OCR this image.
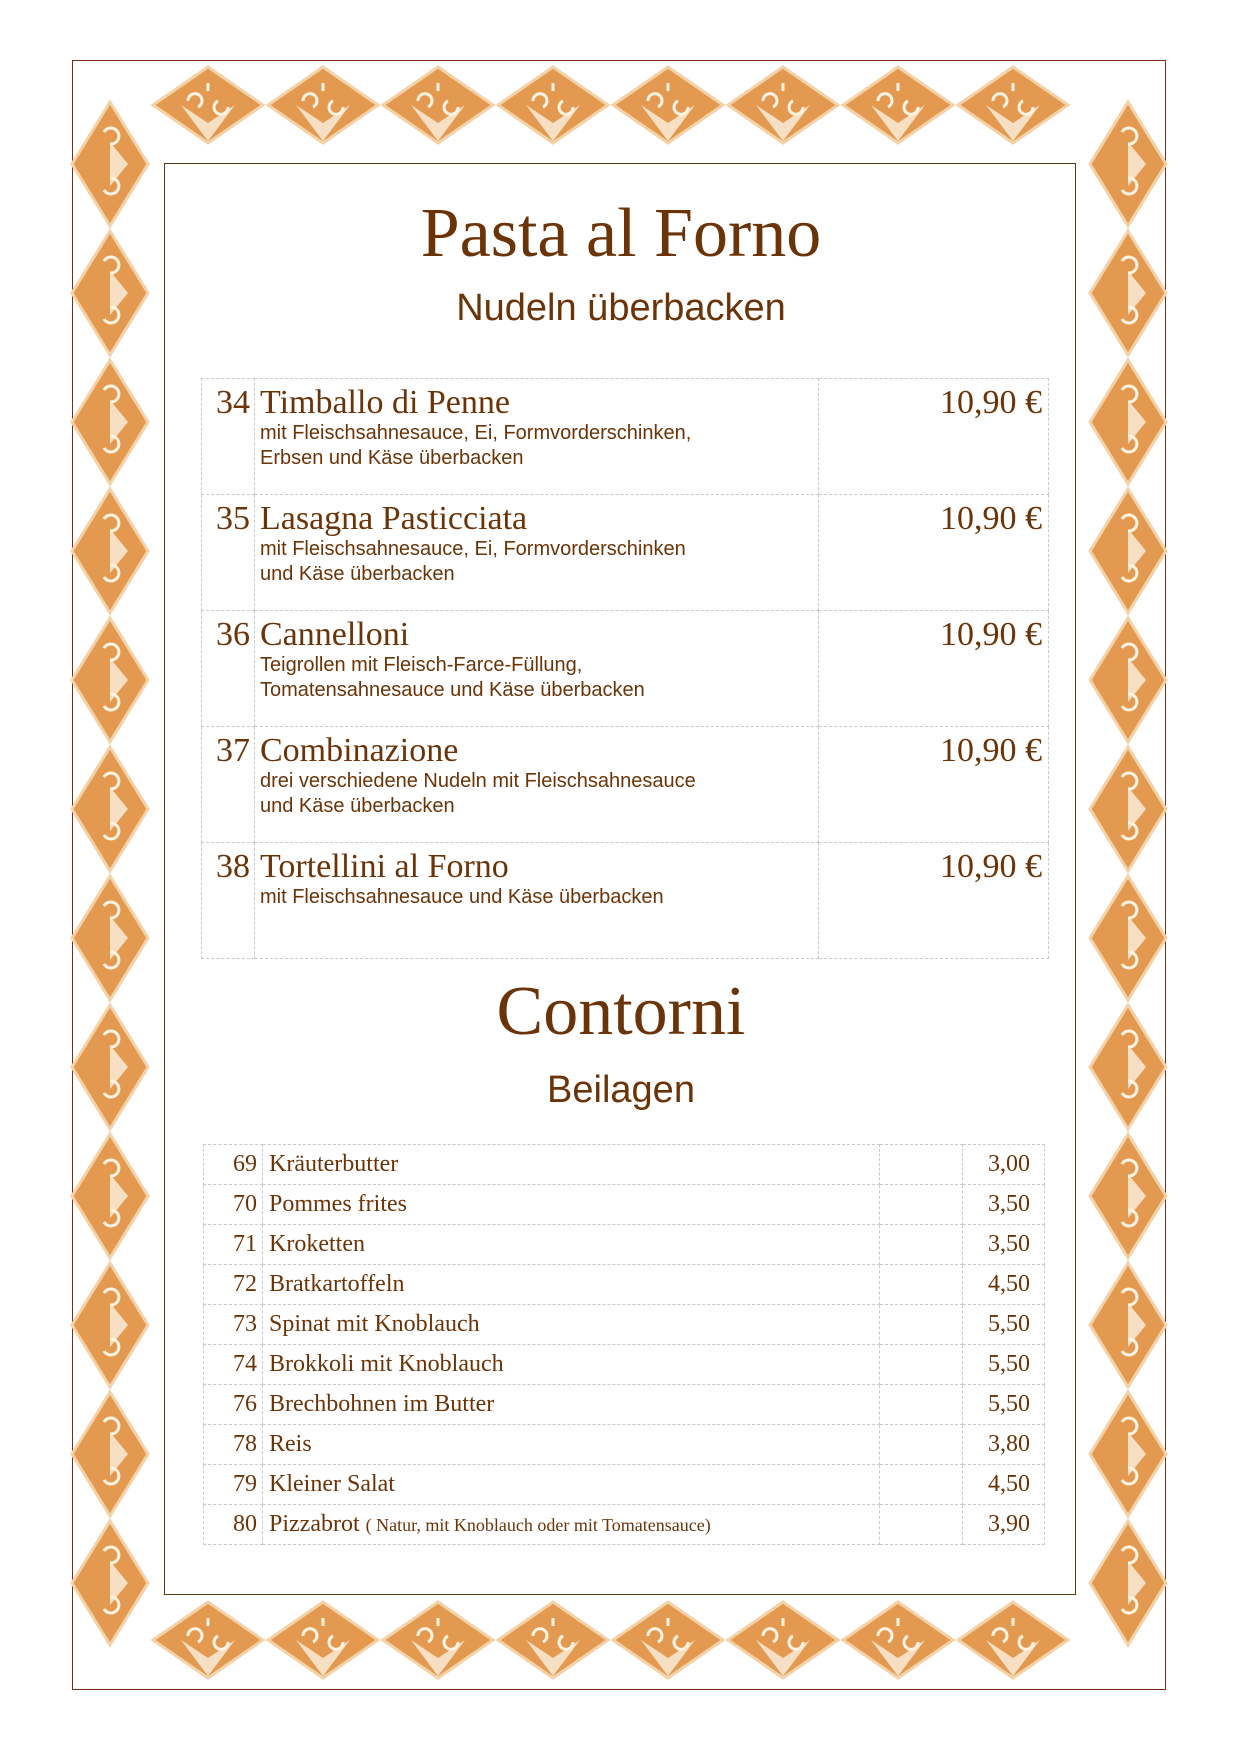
Pasta al Forno
Nudeln überbacken
34	Timballo di Penne
mit Fleischsahnesauce, Ei, Formvorderschinken,
Erbsen und Käse überbacken	10,90 €
35	Lasagna Pasticciata
mit Fleischsahnesauce, Ei, Formvorderschinken
und Käse überbacken	10,90 €
36	Cannelloni
Teigrollen mit Fleisch-Farce-Füllung,
Tomatensahnesauce und Käse überbacken	10,90 €
37	Combinazione
drei verschiedene Nudeln mit Fleischsahnesauce
und Käse überbacken	10,90 €
38	Tortellini al Forno
mit Fleischsahnesauce und Käse überbacken	10,90 €
Contorni
Beilagen
69	Kräuterbutter		3,00
70	Pommes frites		3,50
71	Kroketten		3,50
72	Bratkartoffeln		4,50
73	Spinat mit Knoblauch		5,50
74	Brokkoli mit Knoblauch		5,50
76	Brechbohnen im Butter		5,50
78	Reis		3,80
79	Kleiner Salat		4,50
80	Pizzabrot ( Natur, mit Knoblauch oder mit Tomatensauce)		3,90
